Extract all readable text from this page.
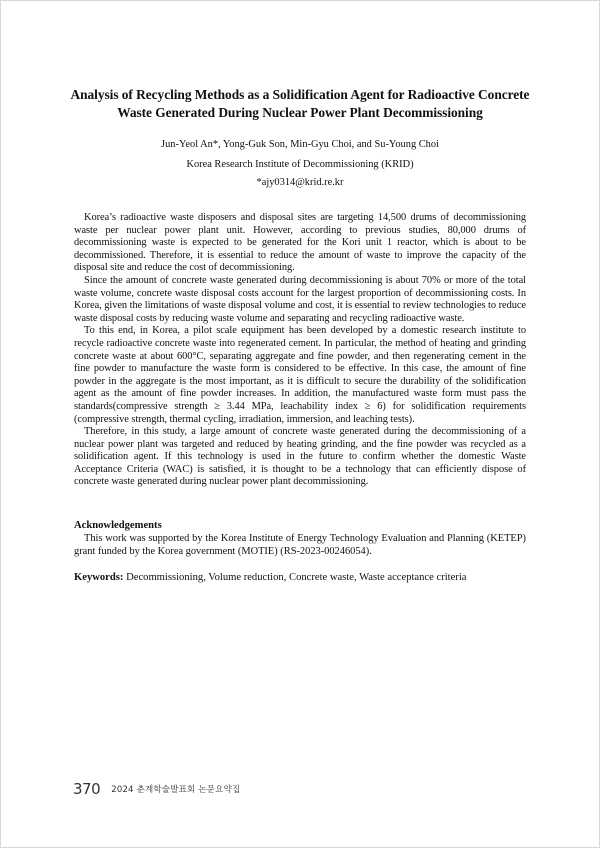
Analysis of Recycling Methods as a Solidification Agent for Radioactive Concrete Waste Generated During Nuclear Power Plant Decommissioning
Jun-Yeol An*, Yong-Guk Son, Min-Gyu Choi, and Su-Young Choi
Korea Research Institute of Decommissioning (KRID)
*ajy0314@krid.re.kr

Korea’s radioactive waste disposers and disposal sites are targeting 14,500 drums of decommissioning waste per nuclear power plant unit. However, according to previous studies, 80,000 drums of decommissioning waste is expected to be generated for the Kori unit 1 reactor, which is about to be decommissioned. Therefore, it is essential to reduce the amount of waste to improve the capacity of the disposal site and reduce the cost of decommissioning.

Since the amount of concrete waste generated during decommissioning is about 70% or more of the total waste volume, concrete waste disposal costs account for the largest proportion of decommissioning costs. In Korea, given the limitations of waste disposal volume and cost, it is essential to review technologies to reduce waste disposal costs by reducing waste volume and separating and recycling radioactive waste.

To this end, in Korea, a pilot scale equipment has been developed by a domestic research institute to recycle radioactive concrete waste into regenerated cement. In particular, the method of heating and grinding concrete waste at about 600°C, separating aggregate and fine powder, and then regenerating cement in the fine powder to manufacture the waste form is considered to be effective. In this case, the amount of fine powder in the aggregate is the most important, as it is difficult to secure the durability of the solidification agent as the amount of fine powder increases. In addition, the manufactured waste form must pass the standards(compressive strength ≥ 3.44 MPa, leachability index ≥ 6) for solidification requirements (compressive strength, thermal cycling, irradiation, immersion, and leaching tests).

Therefore, in this study, a large amount of concrete waste generated during the decommissioning of a nuclear power plant was targeted and reduced by heating grinding, and the fine powder was recycled as a solidification agent. If this technology is used in the future to confirm whether the domestic Waste Acceptance Criteria (WAC) is satisfied, it is thought to be a technology that can efficiently dispose of concrete waste generated during nuclear power plant decommissioning.

Acknowledgements

This work was supported by the Korea Institute of Energy Technology Evaluation and Planning (KETEP) grant funded by the Korea government (MOTIE) (RS-2023-00246054).

Keywords: Decommissioning, Volume reduction, Concrete waste, Waste acceptance criteria
370 2024 춘계학술발표회 논문요약집
